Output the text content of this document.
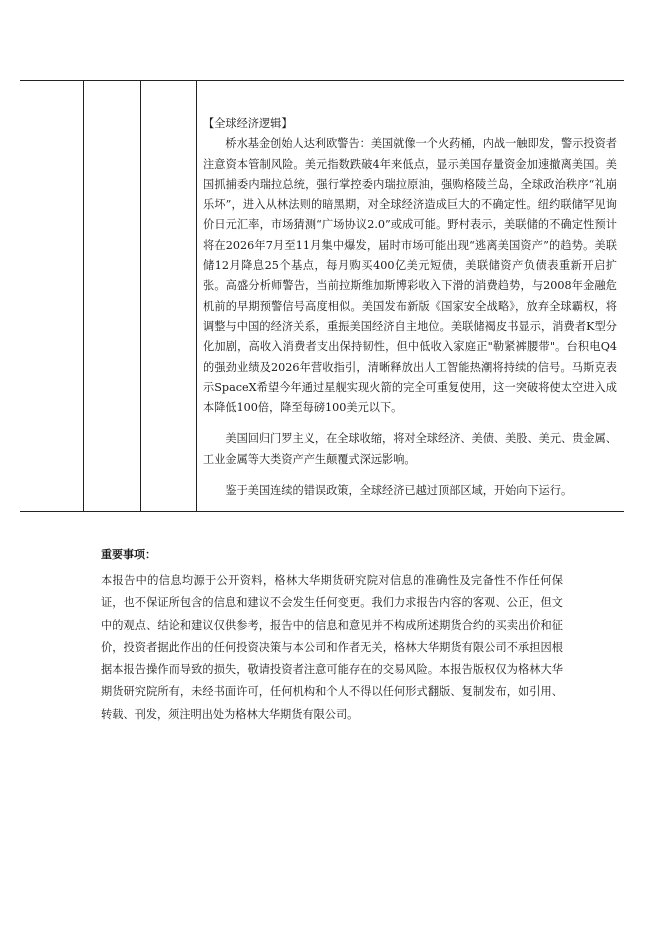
【全球经济逻辑】

桥水基金创始人达利欧警告：美国就像一个火药桶，内战一触即发，警示投资者注意资本管制风险。美元指数跌破4年来低点，显示美国存量资金加速撤离美国。美国抓捕委内瑞拉总统，强行掌控委内瑞拉原油，强购格陵兰岛，全球政治秩序“礼崩乐坏”，进入从林法则的暗黑期，对全球经济造成巨大的不确定性。纽约联储罕见询价日元汇率，市场猜测“广场协议2.0”或成可能。野村表示，美联储的不确定性预计将在2026年7月至11月集中爆发，届时市场可能出现“逃离美国资产”的趋势。美联储12月降息25个基点，每月购买400亿美元短债，美联储资产负债表重新开启扩张。高盛分析师警告，当前拉斯维加斯博彩收入下滑的消费趋势，与2008年金融危机前的早期预警信号高度相似。美国发布新版《国家安全战略》，放弃全球霸权，将调整与中国的经济关系，重振美国经济自主地位。美联储褐皮书显示，消费者K型分化加剧，高收入消费者支出保持韧性，但中低收入家庭正"勒紧裤腰带"。台积电Q4的强劲业绩及2026年营收指引，清晰释放出人工智能热潮将持续的信号。马斯克表示SpaceX希望今年通过星舰实现火箭的完全可重复使用，这一突破将使太空进入成本降低100倍，降至每磅100美元以下。

美国回归门罗主义，在全球收缩，将对全球经济、美债、美股、美元、贵金属、工业金属等大类资产产生颠覆式深远影响。

鉴于美国连续的错误政策，全球经济已越过顶部区域，开始向下运行。

重要事项：

本报告中的信息均源于公开资料，格林大华期货研究院对信息的准确性及完备性不作任何保证，也不保证所包含的信息和建议不会发生任何变更。我们力求报告内容的客观、公正，但文中的观点、结论和建议仅供参考，报告中的信息和意见并不构成所述期货合约的买卖出价和征价，投资者据此作出的任何投资决策与本公司和作者无关，格林大华期货有限公司不承担因根据本报告操作而导致的损失，敬请投资者注意可能存在的交易风险。本报告版权仅为格林大华期货研究院所有，未经书面许可，任何机构和个人不得以任何形式翻版、复制发布，如引用、转载、刊发，须注明出处为格林大华期货有限公司。
